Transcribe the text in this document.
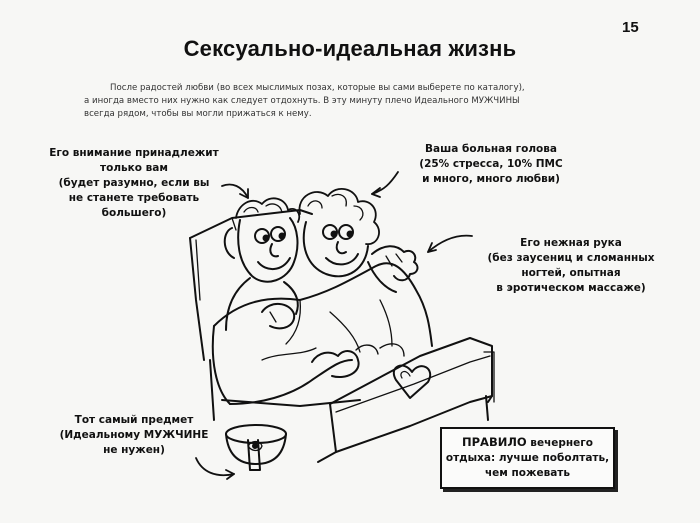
15
Сексуально-идеальная жизнь
После радостей любви (во всех мыслимых позах, которые вы сами выберете по каталогу),
а иногда вместо них нужно как следует отдохнуть. В эту минуту плечо Идеального МУЖЧИНЫ
всегда рядом, чтобы вы могли прижаться к нему.
Его внимание принадлежит
только вам
(будет разумно, если вы
не станете требовать
большего)
Ваша больная голова
(25% стресса, 10% ПМС
и много, много любви)
Его нежная рука
(без заусениц и сломанных
ногтей, опытная
в эротическом массаже)
Тот самый предмет
(Идеальному МУЖЧИНЕ
не нужен)
ПРАВИЛО вечернего
отдыха: лучше поболтать,
чем пожевать
